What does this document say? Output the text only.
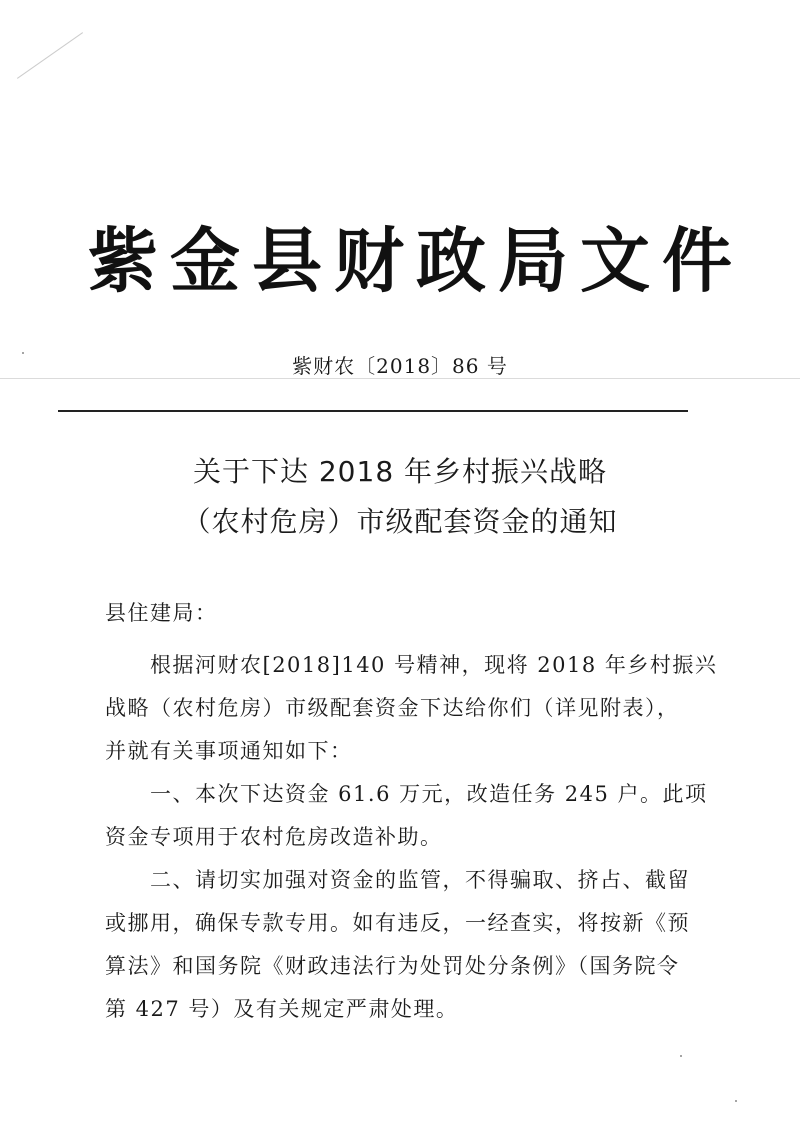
紫金县财政局文件
紫财农〔2018〕86 号
关于下达 2018 年乡村振兴战略
（农村危房）市级配套资金的通知
县住建局：
根据河财农[2018]140 号精神，现将 2018 年乡村振兴
战略（农村危房）市级配套资金下达给你们（详见附表），
并就有关事项通知如下：
一、本次下达资金 61.6 万元，改造任务 245 户。此项
资金专项用于农村危房改造补助。
二、请切实加强对资金的监管，不得骗取、挤占、截留
或挪用，确保专款专用。如有违反，一经查实，将按新《预
算法》和国务院《财政违法行为处罚处分条例》（国务院令
第 427 号）及有关规定严肃处理。
